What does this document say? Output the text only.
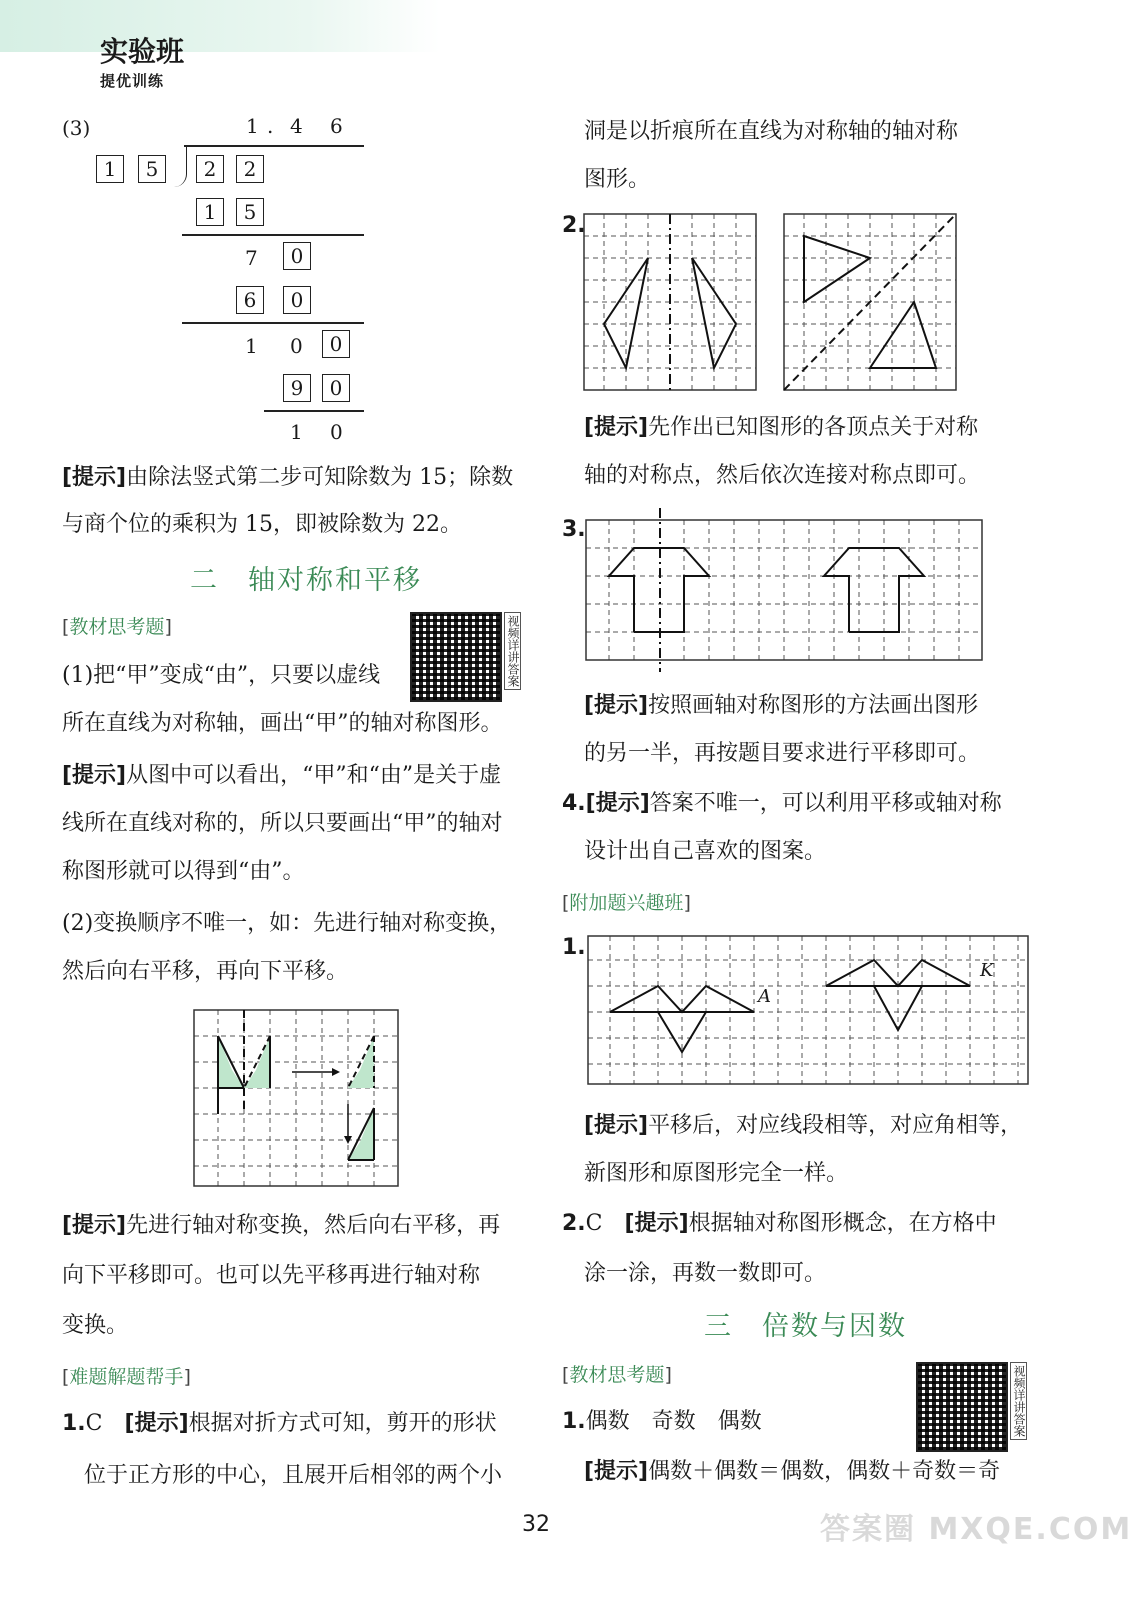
实验班
提优训练
(3)	1 . 4 6
1	5	2	2
1	5
7	0
6	0
1 0	0
9	0
1 0
[提示]由除法竖式第二步可知除数为 15；除数
与商个位的乘积为 15，即被除数为 22。
二　 轴对称和平移
[教材思考题]	视频详讲答案
(1)把“甲”变成“由”，只要以虚线
所在直线为对称轴，画出“甲”的轴对称图形。
[提示]从图中可以看出，“甲”和“由”是关于虚
线所在直线对称的，所以只要画出“甲”的轴对
称图形就可以得到“由”。
(2)变换顺序不唯一，如：先进行轴对称变换，
然后向右平移，再向下平移。
[提示]先进行轴对称变换，然后向右平移，再
向下平移即可。也可以先平移再进行轴对称
变换。
[难题解题帮手]
1.C　 [提示]根据对折方式可知，剪开的形状
位于正方形的中心，且展开后相邻的两个小
洞是以折痕所在直线为对称轴的轴对称
图形。
2.
[提示]先作出已知图形的各顶点关于对称
轴的对称点，然后依次连接对称点即可。
3.
[提示]按照画轴对称图形的方法画出图形
的另一半，再按题目要求进行平移即可。
4.[提示]答案不唯一，可以利用平移或轴对称
设计出自己喜欢的图案。
[附加题兴趣班]
1.
A
K
[提示]平移后，对应线段相等，对应角相等，
新图形和原图形完全一样。
2.C　 [提示]根据轴对称图形概念，在方格中
涂一涂，再数一数即可。
三　 倍数与因数
[教材思考题]	视频详讲答案
1.偶数　奇数　偶数
[提示]偶数＋偶数＝偶数，偶数＋奇数＝奇
32	答案圈 MXQE.COM
